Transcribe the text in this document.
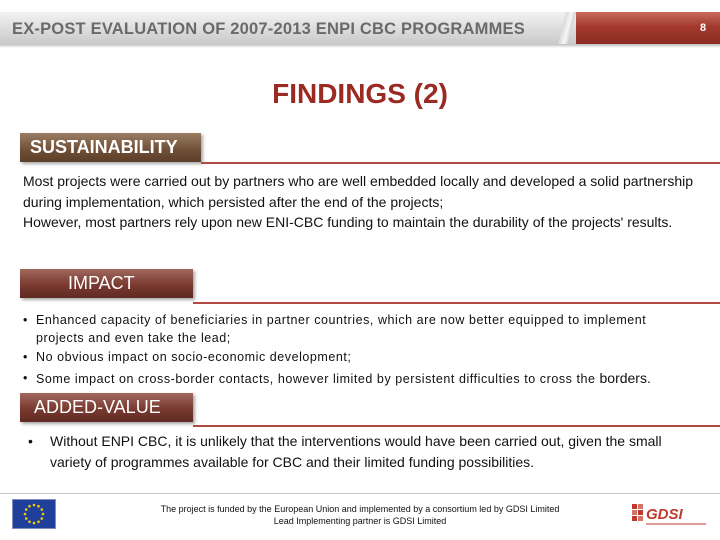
EX-POST EVALUATION OF 2007-2013 ENPI CBC PROGRAMMES	8
FINDINGS (2)
SUSTAINABILITY
Most projects were carried out by partners who are well embedded locally and developed a solid partnership during implementation, which persisted after the end of the projects;
However, most partners rely upon new ENI-CBC funding to maintain the durability of the projects' results.
IMPACT
• Enhanced capacity of beneficiaries in partner countries, which are now better equipped to implement
projects and even take the lead;
• No obvious impact on socio-economic development;
• Some impact on cross-border contacts, however limited by persistent difficulties to cross the borders.
ADDED-VALUE
• Without ENPI CBC, it is unlikely that the interventions would have been carried out, given the small variety of programmes available for CBC and their limited funding possibilities.
The project is funded by the European Union and implemented by a consortium led by GDSI Limited
Lead Implementing partner is GDSI Limited	GDSI
